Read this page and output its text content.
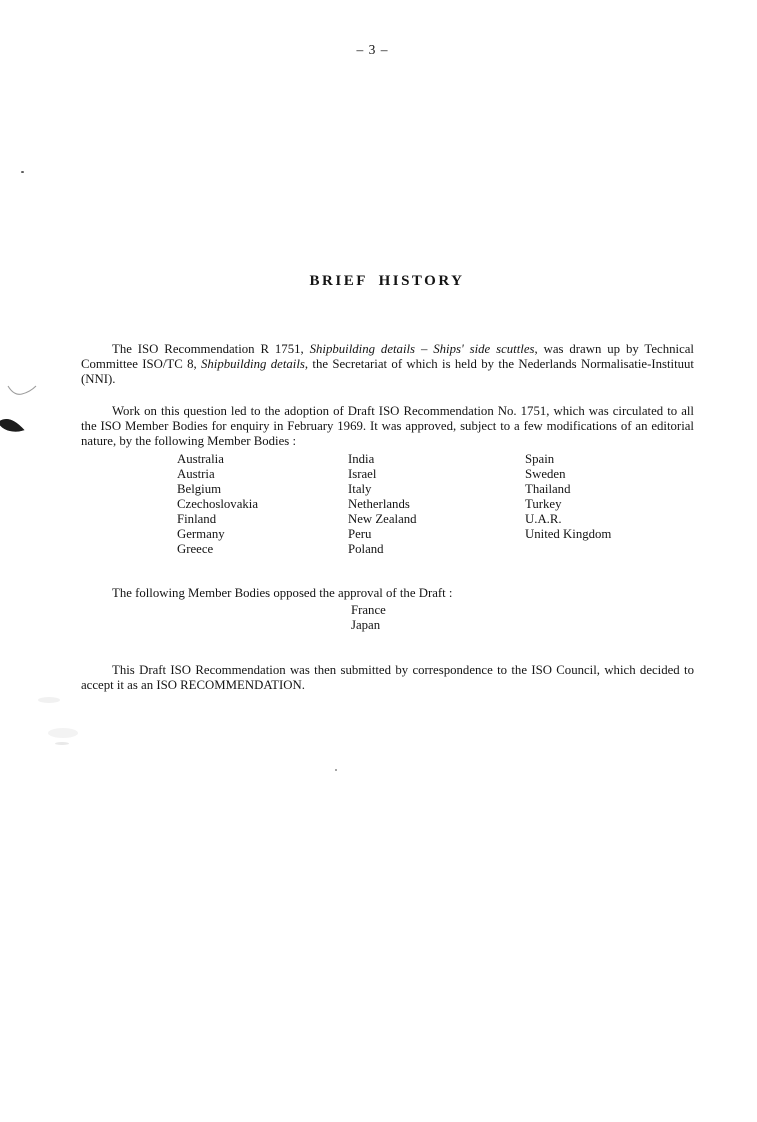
– 3 –
BRIEF HISTORY

The ISO Recommendation R 1751, Shipbuilding details – Ships' side scuttles, was drawn up by Technical Committee ISO/TC 8, Shipbuilding details, the Secretariat of which is held by the Nederlands Normalisatie-Instituut (NNI).

Work on this question led to the adoption of Draft ISO Recommendation No. 1751, which was circulated to all the ISO Member Bodies for enquiry in February 1969. It was approved, subject to a few modifications of an editorial nature, by the following Member Bodies :

Australia
Austria
Belgium
Czechoslovakia
Finland
Germany
Greece
India
Israel
Italy
Netherlands
New Zealand
Peru
Poland
Spain
Sweden
Thailand
Turkey
U.A.R.
United Kingdom

The following Member Bodies opposed the approval of the Draft :

France
Japan

This Draft ISO Recommendation was then submitted by correspondence to the ISO Council, which decided to accept it as an ISO RECOMMENDATION.
